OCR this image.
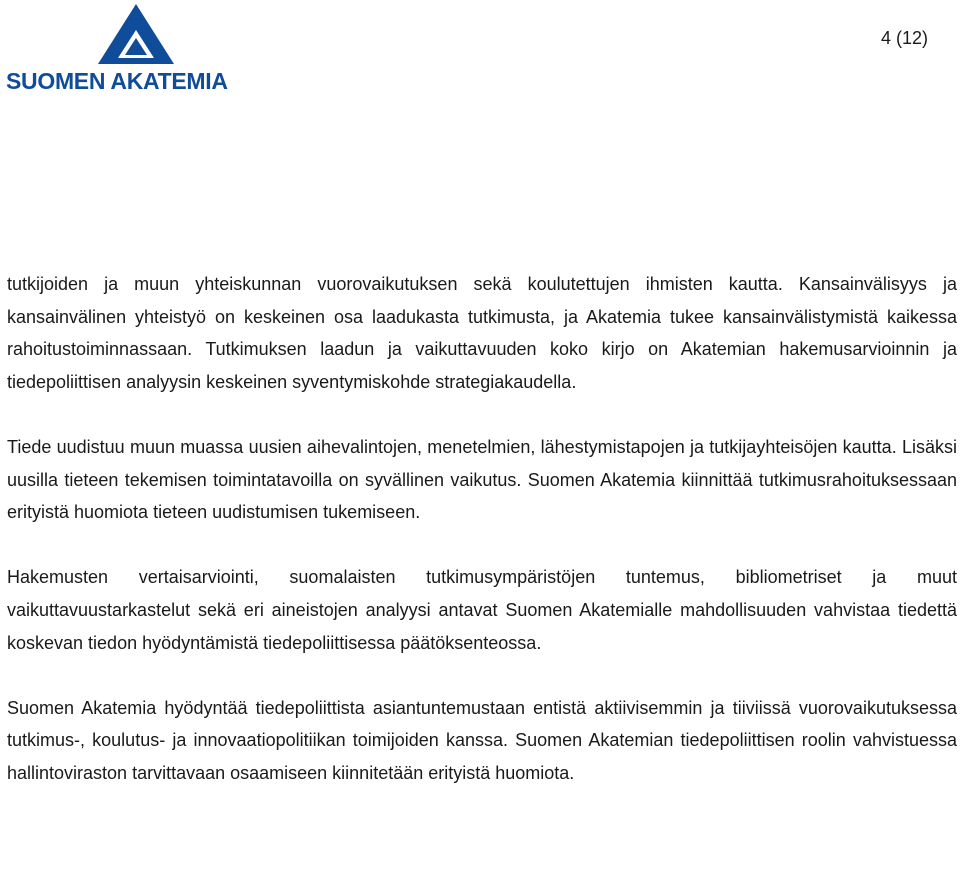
SUOMEN AKATEMIA
4 (12)

tutkijoiden ja muun yhteiskunnan vuorovaikutuksen sekä koulutettujen ihmisten kautta. Kansainvälisyys ja kansainvälinen yhteistyö on keskeinen osa laadukasta tutkimusta, ja Akatemia tukee kansainvälistymistä kaikessa rahoitustoiminnassaan. Tutkimuksen laadun ja vaikuttavuuden koko kirjo on Akatemian hakemusarvioinnin ja tiedepoliittisen analyysin keskeinen syventymiskohde strategiakaudella.

Tiede uudistuu muun muassa uusien aihevalintojen, menetelmien, lähestymistapojen ja tutkijayhteisöjen kautta. Lisäksi uusilla tieteen tekemisen toimintatavoilla on syvällinen vaikutus. Suomen Akatemia kiinnittää tutkimusrahoituksessaan erityistä huomiota tieteen uudistumisen tukemiseen.

Hakemusten vertaisarviointi, suomalaisten tutkimusympäristöjen tuntemus, bibliometriset ja muut vaikuttavuustarkastelut sekä eri aineistojen analyysi antavat Suomen Akatemialle mahdollisuuden vahvistaa tiedettä koskevan tiedon hyödyntämistä tiedepoliittisessa päätöksenteossa.

Suomen Akatemia hyödyntää tiedepoliittista asiantuntemustaan entistä aktiivisemmin ja tiiviissä vuorovaikutuksessa tutkimus-, koulutus- ja innovaatiopolitiikan toimijoiden kanssa. Suomen Akatemian tiedepoliittisen roolin vahvistuessa hallintoviraston tarvittavaan osaamiseen kiinnitetään erityistä huomiota.
